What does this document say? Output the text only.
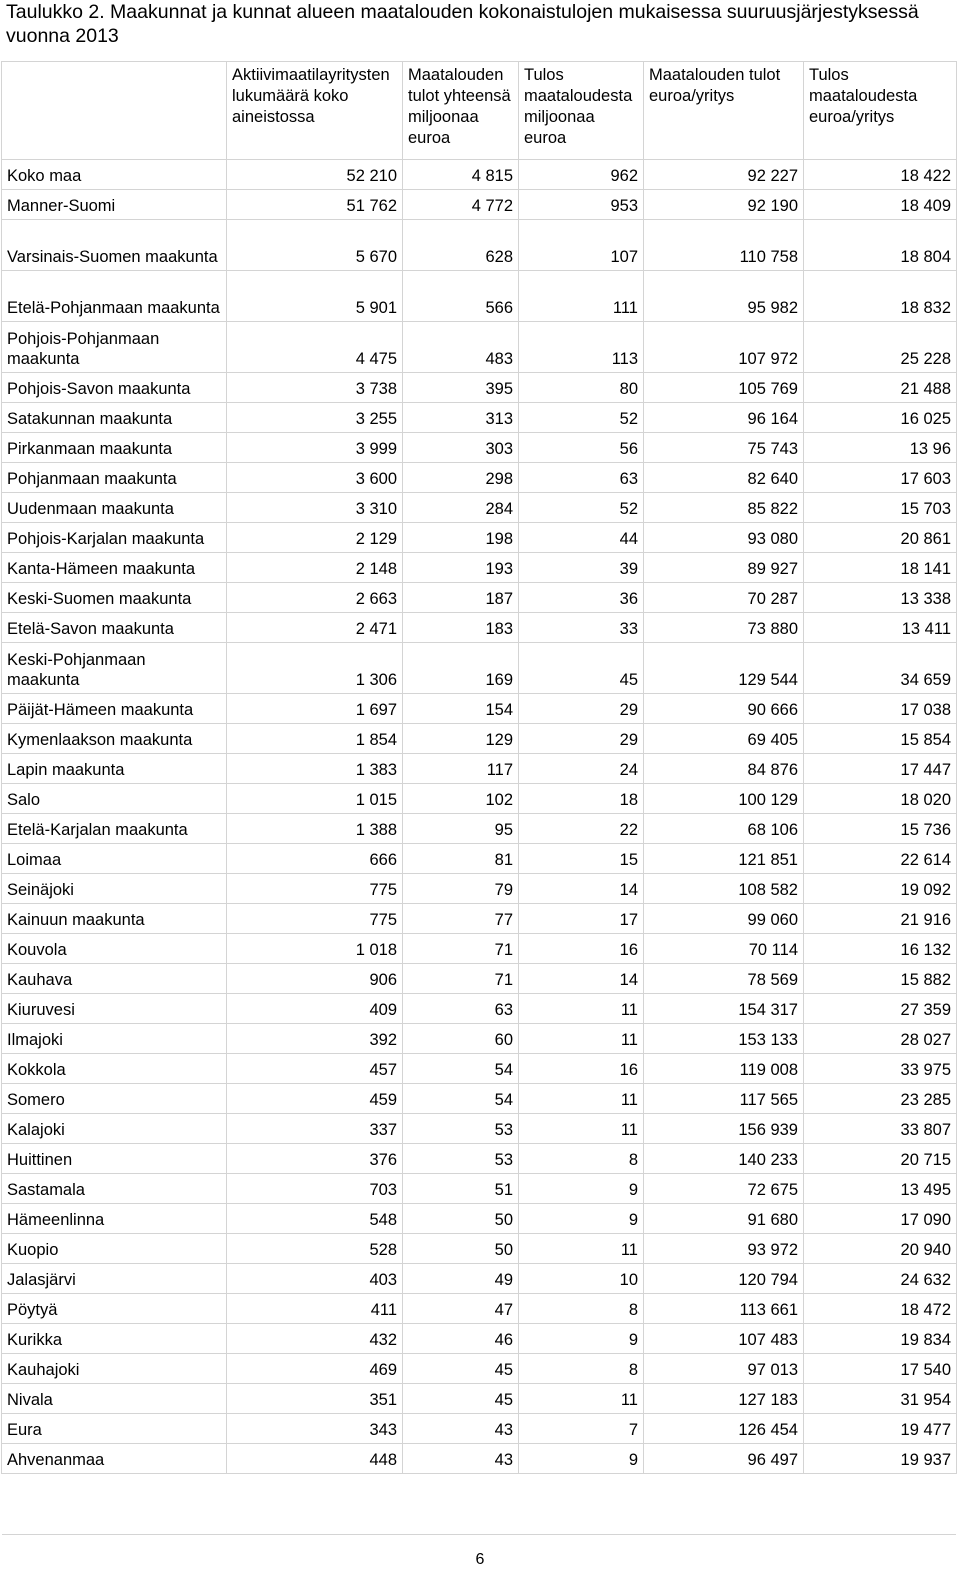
Taulukko 2. Maakunnat ja kunnat alueen maatalouden kokonaistulojen mukaisessa suuruusjärjestyksessä vuonna 2013
	Aktiivimaatilayritysten lukumäärä koko aineistossa	Maatalouden tulot yhteensä miljoonaa euroa	Tulos maataloudesta miljoonaa euroa	Maatalouden tulot euroa/yritys	Tulos maataloudesta euroa/yritys
Koko maa	52 210	4 815	962	92 227	18 422
Manner-Suomi	51 762	4 772	953	92 190	18 409
Varsinais-Suomen maakunta	5 670	628	107	110 758	18 804
Etelä-Pohjanmaan maakunta	5 901	566	111	95 982	18 832
Pohjois-Pohjanmaan maakunta	4 475	483	113	107 972	25 228
Pohjois-Savon maakunta	3 738	395	80	105 769	21 488
Satakunnan maakunta	3 255	313	52	96 164	16 025
Pirkanmaan maakunta	3 999	303	56	75 743	13 96
Pohjanmaan maakunta	3 600	298	63	82 640	17 603
Uudenmaan maakunta	3 310	284	52	85 822	15 703
Pohjois-Karjalan maakunta	2 129	198	44	93 080	20 861
Kanta-Hämeen maakunta	2 148	193	39	89 927	18 141
Keski-Suomen maakunta	2 663	187	36	70 287	13 338
Etelä-Savon maakunta	2 471	183	33	73 880	13 411
Keski-Pohjanmaan maakunta	1 306	169	45	129 544	34 659
Päijät-Hämeen maakunta	1 697	154	29	90 666	17 038
Kymenlaakson maakunta	1 854	129	29	69 405	15 854
Lapin maakunta	1 383	117	24	84 876	17 447
Salo	1 015	102	18	100 129	18 020
Etelä-Karjalan maakunta	1 388	95	22	68 106	15 736
Loimaa	666	81	15	121 851	22 614
Seinäjoki	775	79	14	108 582	19 092
Kainuun maakunta	775	77	17	99 060	21 916
Kouvola	1 018	71	16	70 114	16 132
Kauhava	906	71	14	78 569	15 882
Kiuruvesi	409	63	11	154 317	27 359
Ilmajoki	392	60	11	153 133	28 027
Kokkola	457	54	16	119 008	33 975
Somero	459	54	11	117 565	23 285
Kalajoki	337	53	11	156 939	33 807
Huittinen	376	53	8	140 233	20 715
Sastamala	703	51	9	72 675	13 495
Hämeenlinna	548	50	9	91 680	17 090
Kuopio	528	50	11	93 972	20 940
Jalasjärvi	403	49	10	120 794	24 632
Pöytyä	411	47	8	113 661	18 472
Kurikka	432	46	9	107 483	19 834
Kauhajoki	469	45	8	97 013	17 540
Nivala	351	45	11	127 183	31 954
Eura	343	43	7	126 454	19 477
Ahvenanmaa	448	43	9	96 497	19 937
6
